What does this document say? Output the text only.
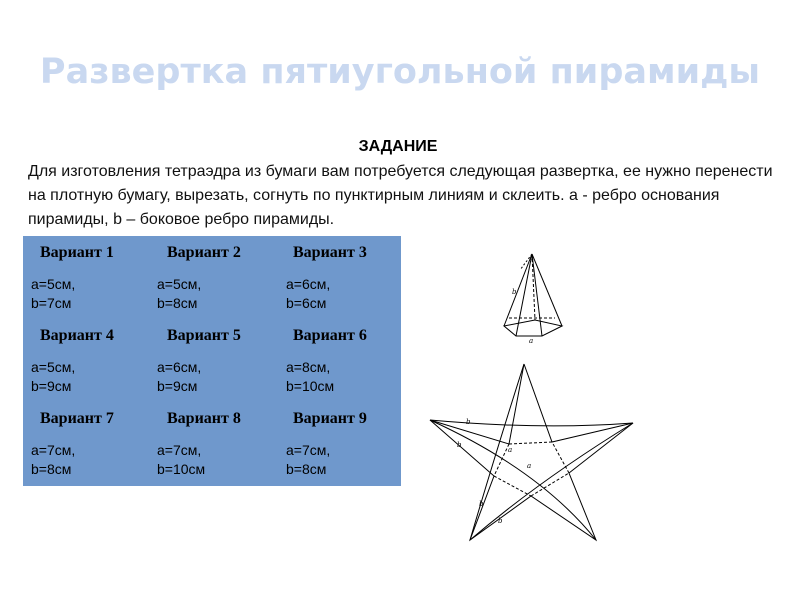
Развертка пятиугольной пирамиды
ЗАДАНИЕ
Для изготовления тетраэдра из бумаги вам потребуется следующая развертка, ее нужно перенести на плотную бумагу, вырезать, согнуть по пунктирным линиям и склеить. а - ребро основания пирамиды, b – боковое ребро пирамиды.
Вариант 1
a=5см,
b=7см
Вариант 2
a=5см,
b=8см
Вариант 3
a=6см,
b=6см
Вариант 4
a=5см,
b=9см
Вариант 5
a=6см,
b=9см
Вариант 6
a=8см,
b=10см
Вариант 7
a=7см,
b=8см
Вариант 8
a=7см,
b=10см
Вариант 9
a=7см,
b=8см
b
a
b
b
a
a
b
b
